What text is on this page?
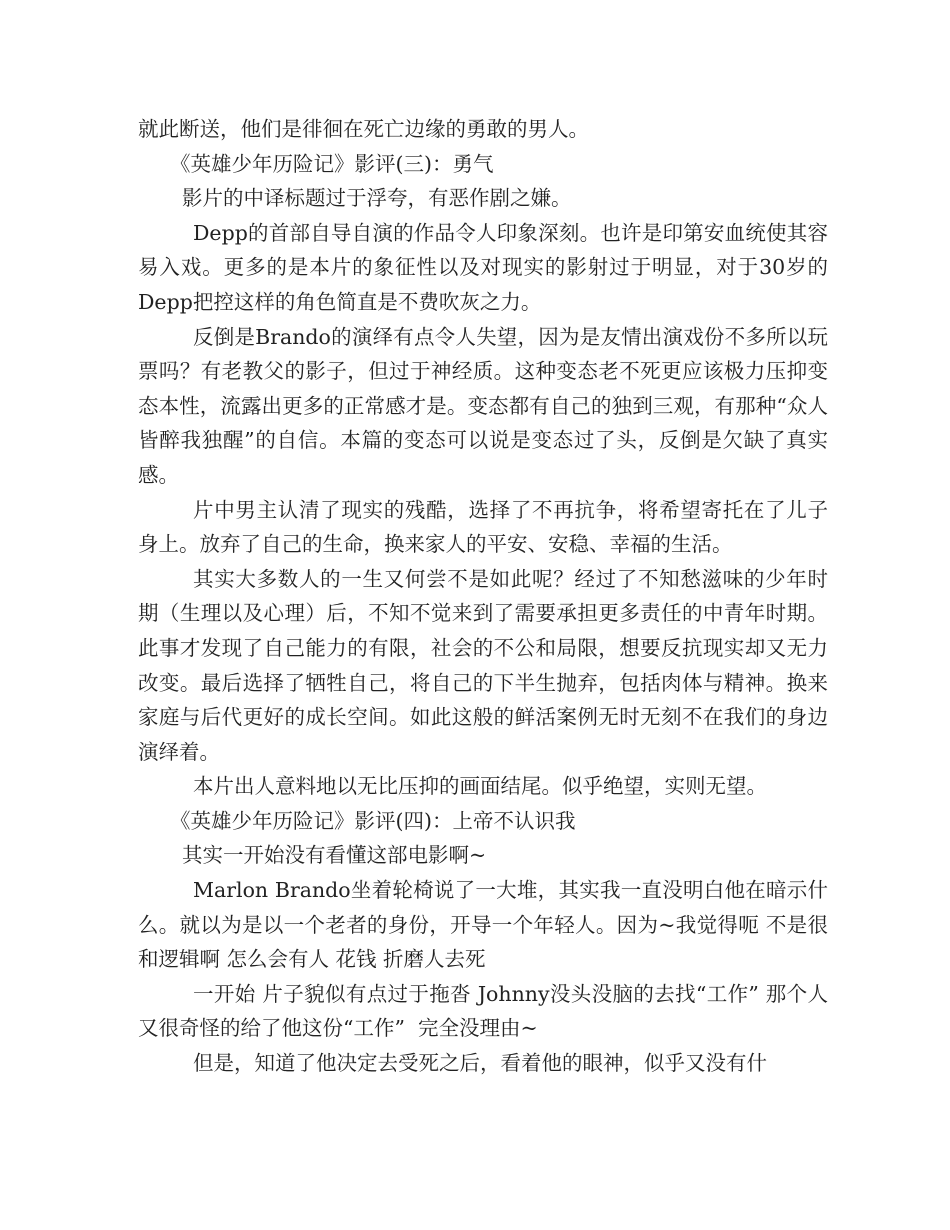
就此断送，他们是徘徊在死亡边缘的勇敢的男人。

《英雄少年历险记》影评(三)：勇气

影片的中译标题过于浮夸，有恶作剧之嫌。

Depp的首部自导自演的作品令人印象深刻。也许是印第安血统使其容易入戏。更多的是本片的象征性以及对现实的影射过于明显，对于30岁的Depp把控这样的角色简直是不费吹灰之力。

反倒是Brando的演绎有点令人失望，因为是友情出演戏份不多所以玩票吗？有老教父的影子，但过于神经质。这种变态老不死更应该极力压抑变态本性，流露出更多的正常感才是。变态都有自己的独到三观，有那种“众人皆醉我独醒”的自信。本篇的变态可以说是变态过了头，反倒是欠缺了真实感。

片中男主认清了现实的残酷，选择了不再抗争，将希望寄托在了儿子身上。放弃了自己的生命，换来家人的平安、安稳、幸福的生活。

其实大多数人的一生又何尝不是如此呢？经过了不知愁滋味的少年时期（生理以及心理）后，不知不觉来到了需要承担更多责任的中青年时期。此事才发现了自己能力的有限，社会的不公和局限，想要反抗现实却又无力改变。最后选择了牺牲自己，将自己的下半生抛弃，包括肉体与精神。换来家庭与后代更好的成长空间。如此这般的鲜活案例无时无刻不在我们的身边演绎着。

本片出人意料地以无比压抑的画面结尾。似乎绝望，实则无望。

《英雄少年历险记》影评(四)：上帝不认识我

其实一开始没有看懂这部电影啊~

Marlon Brando坐着轮椅说了一大堆，其实我一直没明白他在暗示什么。就以为是以一个老者的身份，开导一个年轻人。因为~我觉得呃 不是很和逻辑啊 怎么会有人 花钱 折磨人去死

一开始 片子貌似有点过于拖沓 Johnny没头没脑的去找“工作” 那个人又很奇怪的给了他这份“工作”  完全没理由~

但是，知道了他决定去受死之后，看着他的眼神，似乎又没有什
